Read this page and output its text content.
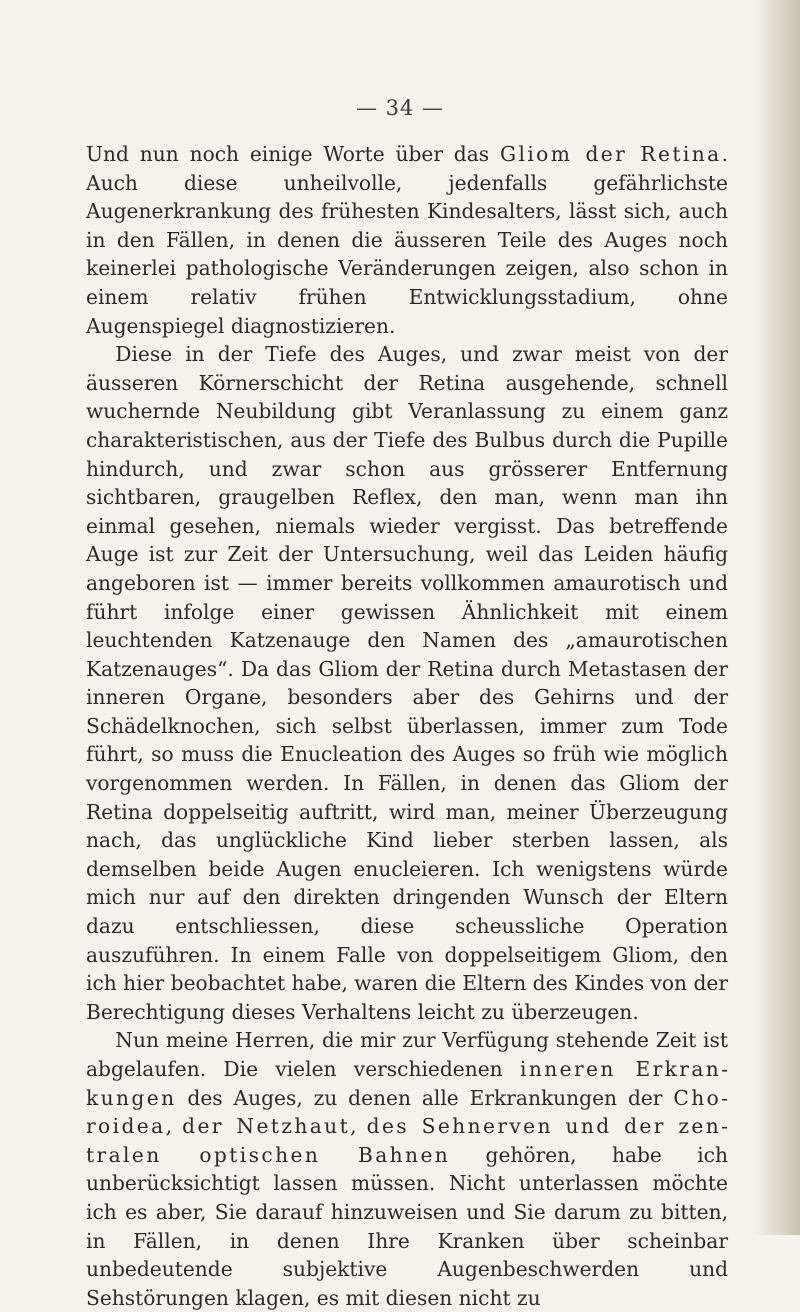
— 34 —

Und nun noch einige Worte über das Gliom der Retina. Auch diese unheilvolle, jedenfalls gefährlichste Augenerkrankung des frühesten Kindesalters, lässt sich, auch in den Fällen, in denen die äusseren Teile des Auges noch keinerlei pathologische Veränderungen zeigen, also schon in einem relativ frühen Entwicklungsstadium, ohne Augenspiegel diagnostizieren.

Diese in der Tiefe des Auges, und zwar meist von der äusseren Körnerschicht der Retina ausgehende, schnell wuchernde Neubildung gibt Veranlassung zu einem ganz charakteristischen, aus der Tiefe des Bulbus durch die Pupille hindurch, und zwar schon aus grösserer Entfernung sichtbaren, graugelben Reflex, den man, wenn man ihn einmal gesehen, niemals wieder vergisst. Das betreffende Auge ist zur Zeit der Untersuchung, weil das Leiden häufig angeboren ist — immer bereits vollkommen amaurotisch und führt infolge einer gewissen Ähnlichkeit mit einem leuchtenden Katzenauge den Namen des „amaurotischen Katzenauges“. Da das Gliom der Retina durch Metastasen der inneren Organe, besonders aber des Gehirns und der Schädelknochen, sich selbst überlassen, immer zum Tode führt, so muss die Enucleation des Auges so früh wie möglich vorgenommen werden. In Fällen, in denen das Gliom der Retina doppelseitig auftritt, wird man, meiner Überzeugung nach, das unglückliche Kind lieber sterben lassen, als demselben beide Augen enucleieren. Ich wenigstens würde mich nur auf den direkten dringenden Wunsch der Eltern dazu entschliessen, diese scheussliche Operation auszuführen. In einem Falle von doppelseitigem Gliom, den ich hier beobachtet habe, waren die Eltern des Kindes von der Berechtigung dieses Verhaltens leicht zu überzeugen.

Nun meine Herren, die mir zur Verfügung stehende Zeit ist abgelaufen. Die vielen verschiedenen inneren Erkrankungen des Auges, zu denen alle Erkrankungen der Choroidea, der Netzhaut, des Sehnerven und der zentralen optischen Bahnen gehören, habe ich unberücksichtigt lassen müssen. Nicht unterlassen möchte ich es aber, Sie darauf hinzuweisen und Sie darum zu bitten, in Fällen, in denen Ihre Kranken über scheinbar unbedeutende subjektive Augenbeschwerden und Sehstörungen klagen, es mit diesen nicht zu
